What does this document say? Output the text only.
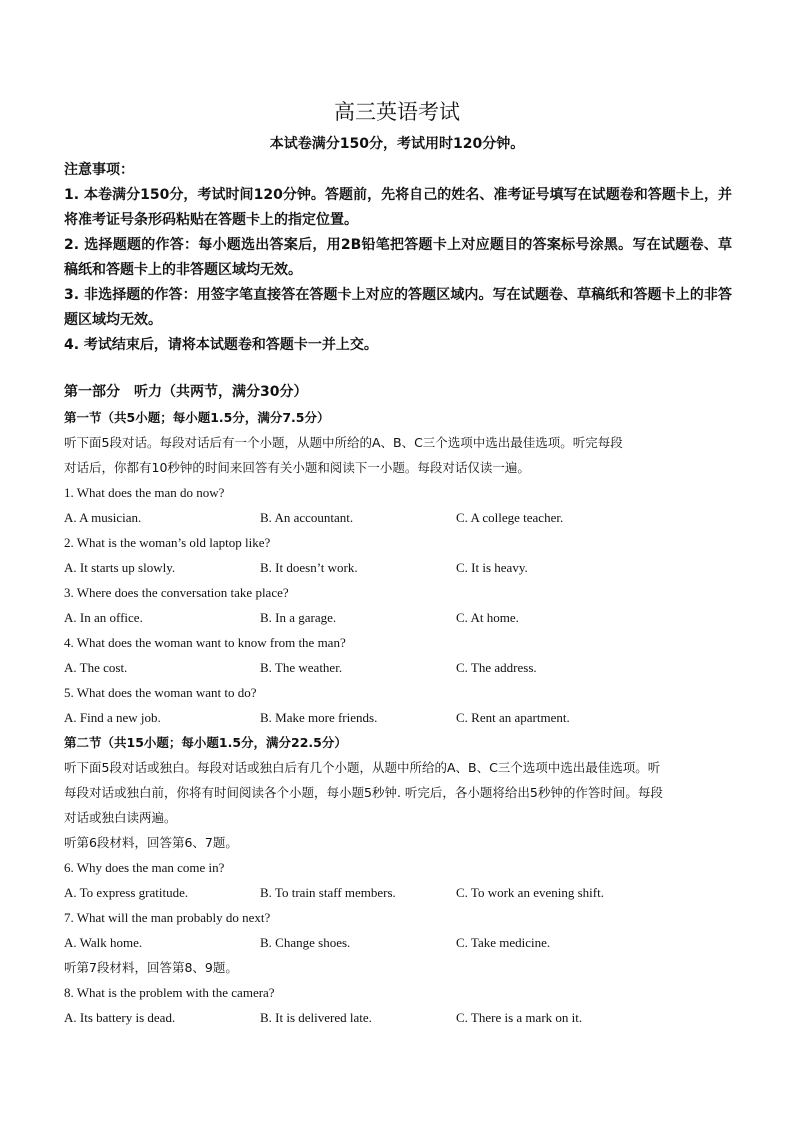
高三英语考试
本试卷满分150分，考试用时120分钟。
注意事项：
1. 本卷满分150分，考试时间120分钟。答题前，先将自己的姓名、准考证号填写在试题卷和答题卡上，并将准考证号条形码粘贴在答题卡上的指定位置。
2. 选择题题的作答：每小题选出答案后，用2B铅笔把答题卡上对应题目的答案标号涂黑。写在试题卷、草稿纸和答题卡上的非答题区域均无效。
3. 非选择题的作答：用签字笔直接答在答题卡上对应的答题区域内。写在试题卷、草稿纸和答题卡上的非答题区域均无效。
4. 考试结束后，请将本试题卷和答题卡一并上交。
第一部分　听力（共两节，满分30分）
第一节（共5小题；每小题1.5分，满分7.5分）
听下面5段对话。每段对话后有一个小题，从题中所给的A、B、C三个选项中选出最佳选项。听完每段
对话后，你都有10秒钟的时间来回答有关小题和阅读下一小题。每段对话仅读一遍。
1. What does the man do now?
A. A musician.	B. An accountant.	C. A college teacher.
2. What is the woman’s old laptop like?
A. It starts up slowly.	B. It doesn’t work.	C. It is heavy.
3. Where does the conversation take place?
A. In an office.	B. In a garage.	C. At home.
4. What does the woman want to know from the man?
A. The cost.	B. The weather.	C. The address.
5. What does the woman want to do?
A. Find a new job.	B. Make more friends.	C. Rent an apartment.
第二节（共15小题；每小题1.5分，满分22.5分）
听下面5段对话或独白。每段对话或独白后有几个小题，从题中所给的A、B、C三个选项中选出最佳选项。听
每段对话或独白前，你将有时间阅读各个小题，每小题5秒钟. 听完后，各小题将给出5秒钟的作答时间。每段
对话或独白读两遍。
听第6段材料，回答第6、7题。
6. Why does the man come in?
A. To express gratitude.	B. To train staff members.	C. To work an evening shift.
7. What will the man probably do next?
A. Walk home.	B. Change shoes.	C. Take medicine.
听第7段材料，回答第8、9题。
8. What is the problem with the camera?
A. Its battery is dead.	B. It is delivered late.	C. There is a mark on it.
